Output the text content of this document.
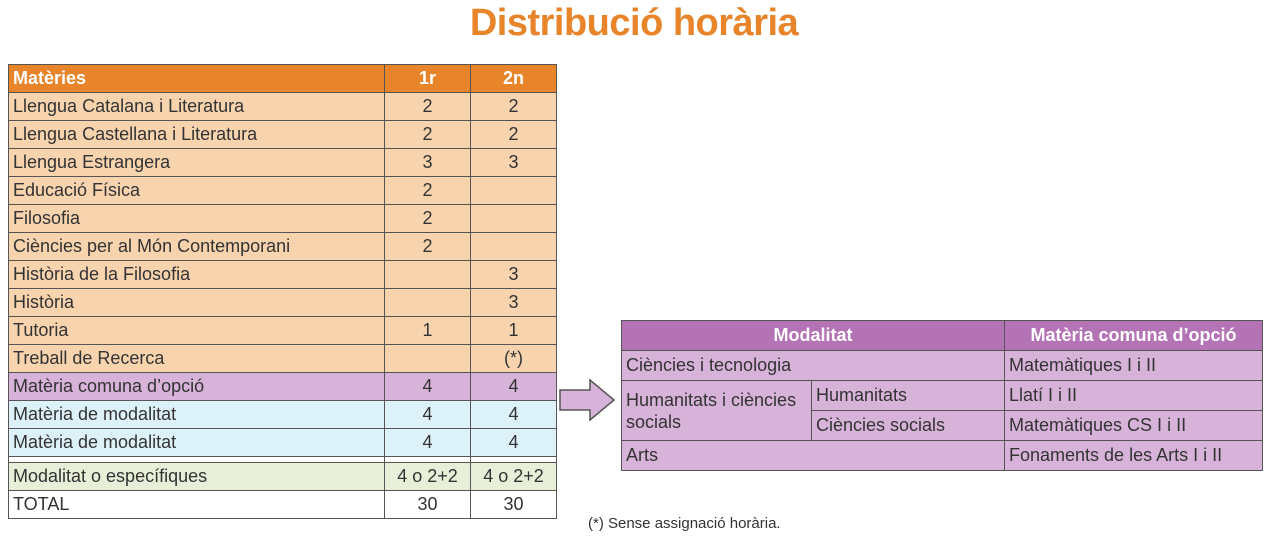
Distribució horària
Matèries	1r	2n
Llengua Catalana i Literatura	2	2
Llengua Castellana i Literatura	2	2
Llengua Estrangera	3	3
Educació Física	2	
Filosofia	2	
Ciències per al Món Contemporani	2	
Història de la Filosofia		3
Història		3
Tutoria	1	1
Treball de Recerca		(*)
Matèria comuna d’opció	4	4
Matèria de modalitat	4	4
Matèria de modalitat	4	4

Modalitat o específiques	4 o 2+2	4 o 2+2
TOTAL	30	30
Modalitat		Matèria comuna d’opció
Ciències i tecnologia		Matemàtiques I i II
Humanitats i ciències socials	Humanitats	Llatí I i II
	Ciències socials	Matemàtiques CS I i II
Arts		Fonaments de les Arts I i II
(*) Sense assignació horària.
